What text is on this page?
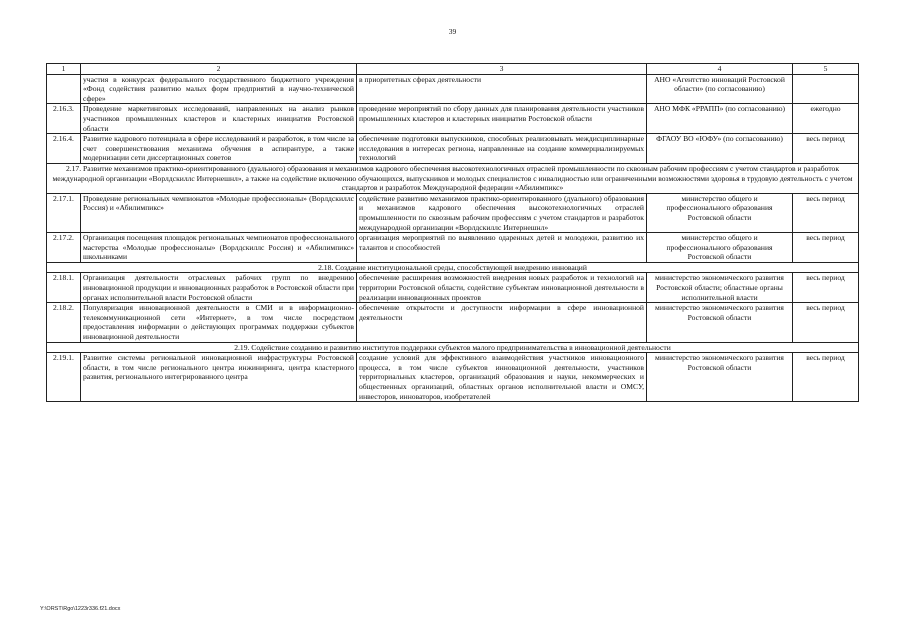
39
1	2	3	4	5
	участия в конкурсах федерального государственного бюджетного учреждения «Фонд содействия развитию малых форм предприятий в научно-технической сфере»	в приоритетных сферах деятельности	АНО «Агентство инноваций Ростовской области» (по согласованию)	
2.16.3.	Проведение маркетинговых исследований, направленных на анализ рынков участников промышленных кластеров и кластерных инициатив Ростовской области	проведение мероприятий по сбору данных для планирования деятельности участников промышленных кластеров и кластерных инициатив Ростовской области	АНО МФК «РРАПП» (по согласованию)	ежегодно
2.16.4.	Развитие кадрового потенциала в сфере исследований и разработок, в том числе за счет совершенствования механизма обучения в аспирантуре, а также модернизации сети диссертационных советов	обеспечение подготовки выпускников, способных реализовывать междисциплинарные исследования в интересах региона, направленные на создание коммерциализируемых технологий	ФГАОУ ВО «ЮФУ» (по согласованию)	весь период
2.17. Развитие механизмов практико-ориентированного (дуального) образования и механизмов кадрового обеспечения высокотехнологичных отраслей промышленности по сквозным рабочим профессиям с учетом стандартов и разработок международной организации «Ворлдскиллс Интернешнл», а также на содействие включению обучающихся, выпускников и молодых специалистов с инвалидностью или ограниченными возможностями здоровья в трудовую деятельность с учетом стандартов и разработок Международной федерации «Абилимпикс»				
2.17.1.	Проведение региональных чемпионатов «Молодые профессионалы» (Ворлдскиллс Россия) и «Абилимпикс»	содействие развитию механизмов практико-ориентированного (дуального) образования и механизмов кадрового обеспечения высокотехнологичных отраслей промышленности по сквозным рабочим профессиям с учетом стандартов и разработок международной организации «Ворлдскиллс Интернешнл»	министерство общего и профессионального образования Ростовской области	весь период
2.17.2.	Организация посещения площадок региональных чемпионатов профессионального мастерства «Молодые профессионалы» (Ворлдскиллс Россия) и «Абилимпикс» школьниками	организация мероприятий по выявлению одаренных детей и молодежи, развитию их талантов и способностей	министерство общего и профессионального образования Ростовской области	весь период
2.18. Создание институциональной среды, способствующей внедрению инноваций				
2.18.1.	Организация деятельности отраслевых рабочих групп по внедрению инновационной продукции и инновационных разработок в Ростовской области при органах исполнительной власти Ростовской области	обеспечение расширения возможностей внедрения новых разработок и технологий на территории Ростовской области, содействие субъектам инновационной деятельности в реализации инновационных проектов	министерство экономического развития Ростовской области; областные органы исполнительной власти	весь период
2.18.2.	Популяризация инновационной деятельности в СМИ и в информационно-телекоммуникационной сети «Интернет», в том числе посредством предоставления информации о действующих программах поддержки субъектов инновационной деятельности	обеспечение открытости и доступности информации в сфере инновационной деятельности	министерство экономического развития Ростовской области	весь период
2.19. Содействие созданию и развитию институтов поддержки субъектов малого предпринимательства в инновационной деятельности				
2.19.1.	Развитие системы региональной инновационной инфраструктуры Ростовской области, в том числе регионального центра инжиниринга, центра кластерного развития, регионального интегрированного центра	создание условий для эффективного взаимодействия участников инновационного процесса, в том числе субъектов инновационной деятельности, участников территориальных кластеров, организаций образования и науки, некоммерческих и общественных организаций, областных органов исполнительной власти и ОМСУ, инвесторов, инноваторов, изобретателей	министерство экономического развития Ростовской области	весь период
Y:\ORST\Rgo\1223r336.f21.docx
